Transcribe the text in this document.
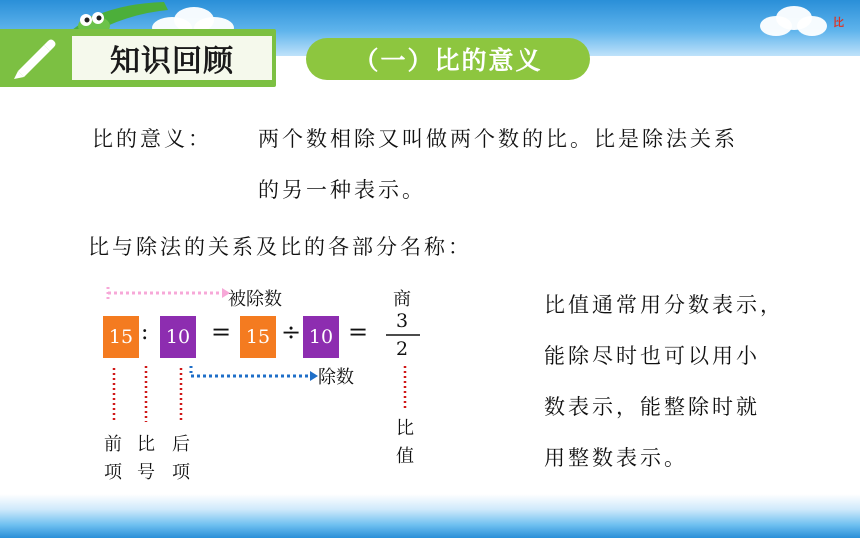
比
知识回顾	（一）比的意义
比的意义： 两个数相除又叫做两个数的比。比是除法关系
的另一种表示。
比与除法的关系及比的各部分名称：
15 : 10 = 15 ÷ 10 = 3
2
被除数
除数
商
前
项
比
号
后
项
比
值
比值通常用分数表示，
能除尽时也可以用小
数表示，能整除时就
用整数表示。
